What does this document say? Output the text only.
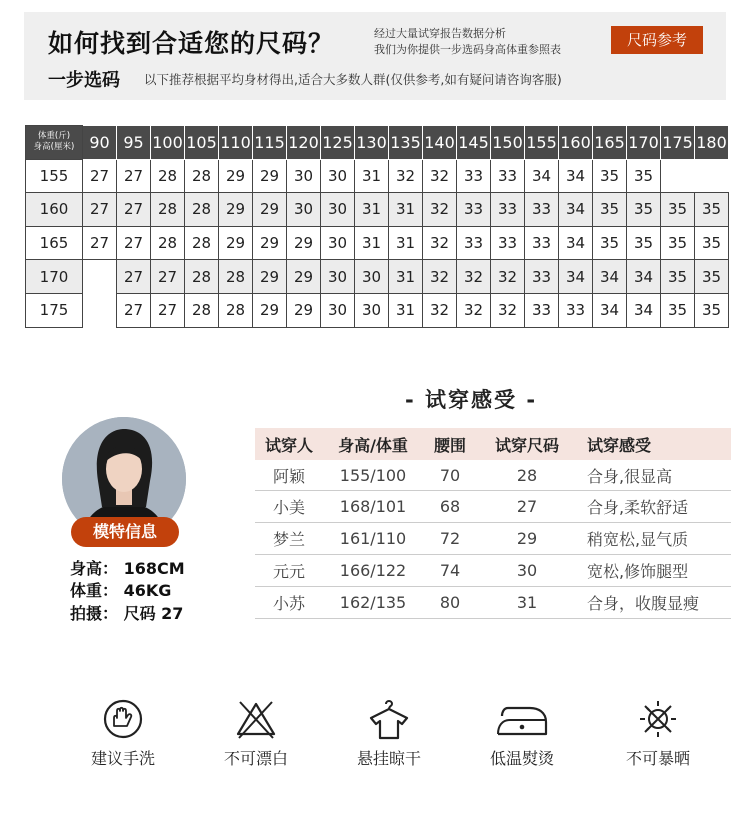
如何找到合适您的尺码？	经过大量试穿报告数据分析
我们为你提供一步选码身高体重参照表
尺码参考
一步选码 以下推荐根据平均身材得出,适合大多数人群(仅供参考,如有疑问请咨询客服)
体重(斤)
身高(厘米)	90	95	100	105	110	115	120	125	130	135	140	145	150	155	160	165	170	175	180
155	27	27	28	28	29	29	30	30	31	32	32	33	33	34	34	35	35		
160	27	27	28	28	29	29	30	30	31	31	32	33	33	33	34	35	35	35	35
165	27	27	28	28	29	29	29	30	31	31	32	33	33	33	34	35	35	35	35
170		27	27	28	28	29	29	30	30	31	32	32	32	33	34	34	34	35	35
175		27	27	28	28	29	29	30	30	31	32	32	32	33	33	34	34	35	35
- 试穿感受 -
模特信息
身高： 168CM
体重： 46KG
拍摄： 尺码 27
试穿人	身高/体重	腰围	试穿尺码	试穿感受
阿颖	155/100	70	28	合身,很显高
小美	168/101	68	27	合身,柔软舒适
梦兰	161/110	72	29	稍宽松,显气质
元元	166/122	74	30	宽松,修饰腿型
小苏	162/135	80	31	合身，收腹显瘦
建议手洗	不可漂白	悬挂晾干	低温熨烫	不可暴晒
